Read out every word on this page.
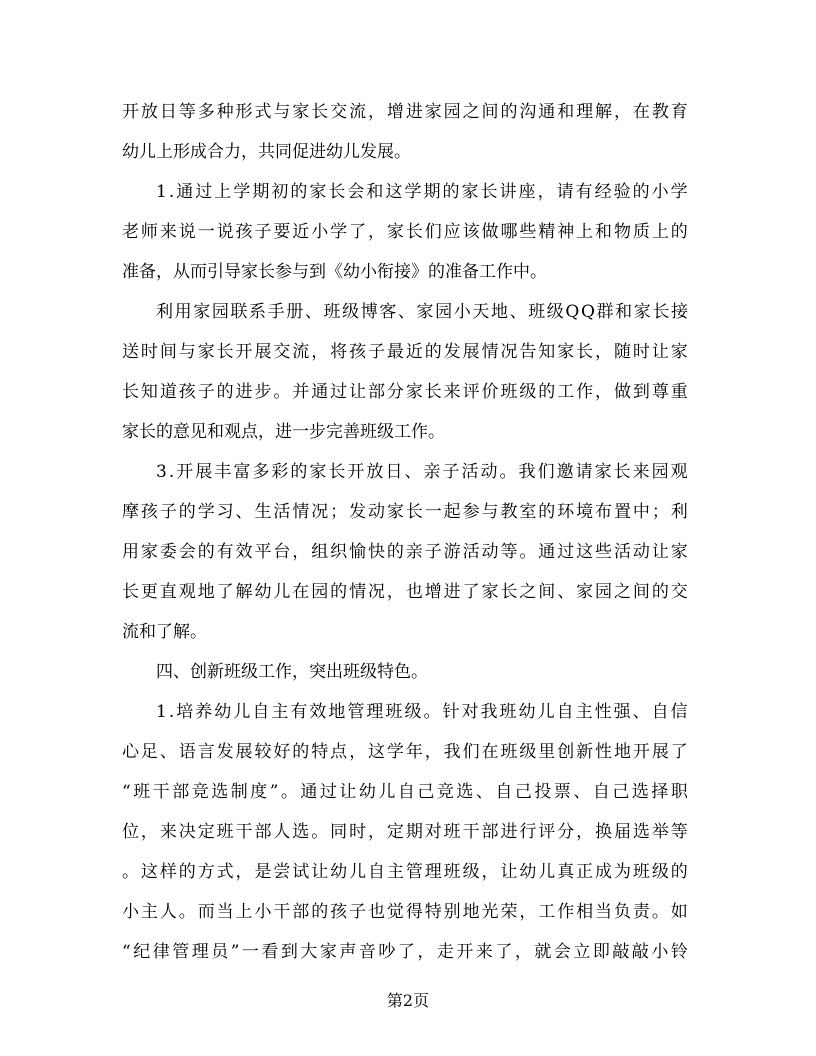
开 放 日 等 多 种 形 式 与 家 长 交 流 ， 增 进 家 园 之 间 的 沟 通 和 理 解 ， 在 教 育
幼儿上形成合力，共同促进幼儿发展。
1 . 通 过 上 学 期 初 的 家 长 会 和 这 学 期 的 家 长 讲 座 ， 请 有 经 验 的 小 学
老 师 来 说 一 说 孩 子 要 近 小 学 了 ， 家 长 们 应 该 做 哪 些 精 神 上 和 物 质 上 的
准备，从而引导家长参与到《幼小衔接》的准备工作中。
利 用 家 园 联 系 手 册 、 班 级 博 客 、 家 园 小 天 地 、 班 级 Q Q 群 和 家 长 接
送 时 间 与 家 长 开 展 交 流 ， 将 孩 子 最 近 的 发 展 情 况 告 知 家 长 ， 随 时 让 家
长 知 道 孩 子 的 进 步 。 并 通 过 让 部 分 家 长 来 评 价 班 级 的 工 作 ， 做 到 尊 重
家长的意见和观点，进一步完善班级工作。
3 . 开 展 丰 富 多 彩 的 家 长 开 放 日 、 亲 子 活 动 。 我 们 邀 请 家 长 来 园 观
摩 孩 子 的 学 习 、 生 活 情 况 ； 发 动 家 长 一 起 参 与 教 室 的 环 境 布 置 中 ； 利
用 家 委 会 的 有 效 平 台 ， 组 织 愉 快 的 亲 子 游 活 动 等 。 通 过 这 些 活 动 让 家
长 更 直 观 地 了 解 幼 儿 在 园 的 情 况 ， 也 增 进 了 家 长 之 间 、 家 园 之 间 的 交
流和了解。
四、创新班级工作，突出班级特色。
1 . 培 养 幼 儿 自 主 有 效 地 管 理 班 级 。 针 对 我 班 幼 儿 自 主 性 强 、 自 信
心 足 、 语 言 发 展 较 好 的 特 点 ， 这 学 年 ， 我 们 在 班 级 里 创 新 性 地 开 展 了
“ 班 干 部 竞 选 制 度 ” 。 通 过 让 幼 儿 自 己 竞 选 、 自 己 投 票 、 自 己 选 择 职
位 ， 来 决 定 班 干 部 人 选 。 同 时 ， 定 期 对 班 干 部 进 行 评 分 ， 换 届 选 举 等
。 这 样 的 方 式 ， 是 尝 试 让 幼 儿 自 主 管 理 班 级 ， 让 幼 儿 真 正 成 为 班 级 的
小 主 人 。 而 当 上 小 干 部 的 孩 子 也 觉 得 特 别 地 光 荣 ， 工 作 相 当 负 责 。 如
“ 纪 律 管 理 员 ” 一 看 到 大 家 声 音 吵 了 ， 走 开 来 了 ， 就 会 立 即 敲 敲 小 铃
第2页
